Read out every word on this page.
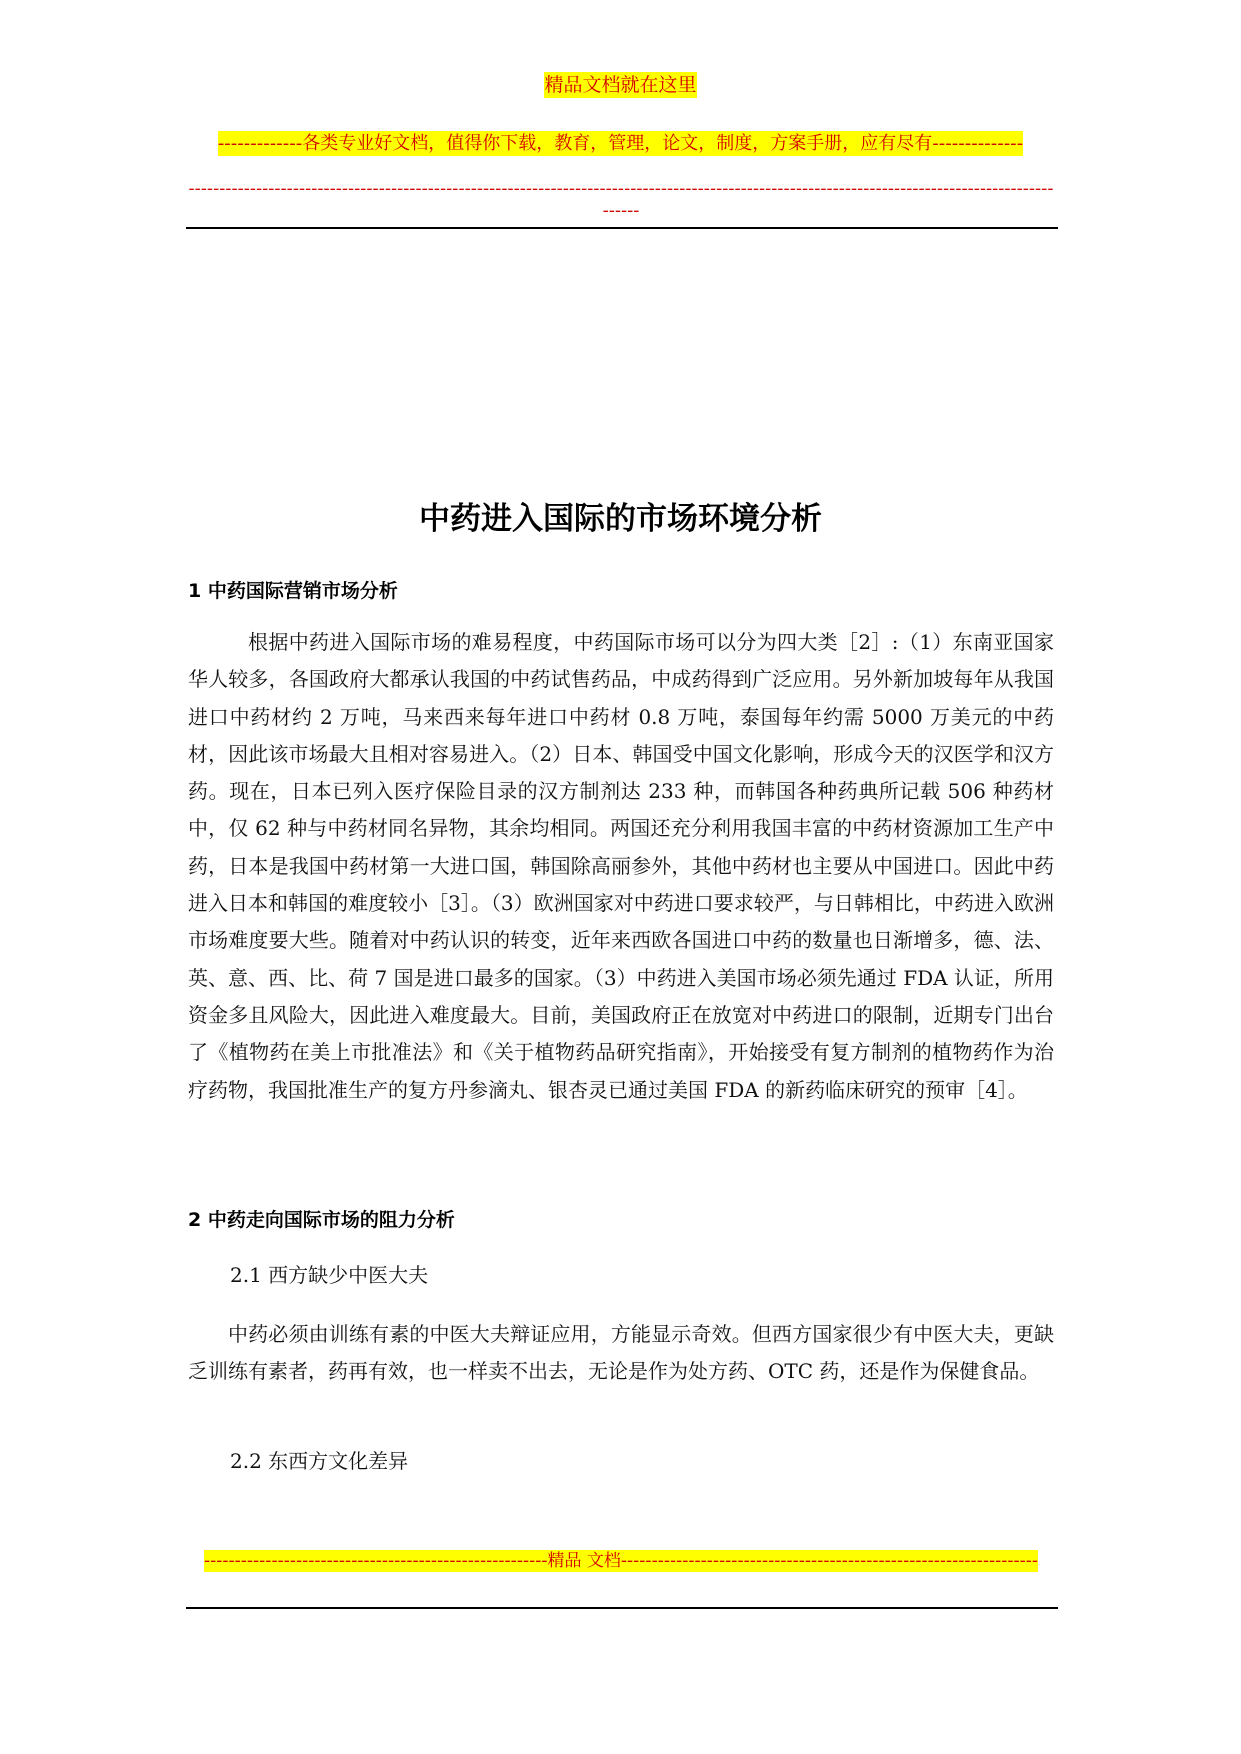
精品文档就在这里
-------------各类专业好文档，值得你下载，教育，管理，论文，制度，方案手册，应有尽有--------------
---------------------------------------------------------------------------------------------------------------------------------------------------
中药进入国际的市场环境分析
1 中药国际营销市场分析

根据中药进入国际市场的难易程度，中药国际市场可以分为四大类［2］:（1）东南亚国家华人较多，各国政府大都承认我国的中药试售药品，中成药得到广泛应用。另外新加坡每年从我国进口中药材约 2 万吨，马来西来每年进口中药材 0.8 万吨，泰国每年约需 5000 万美元的中药材，因此该市场最大且相对容易进入。（2）日本、韩国受中国文化影响，形成今天的汉医学和汉方药。现在，日本已列入医疗保险目录的汉方制剂达 233 种，而韩国各种药典所记载 506 种药材中，仅 62 种与中药材同名异物，其余均相同。两国还充分利用我国丰富的中药材资源加工生产中药，日本是我国中药材第一大进口国，韩国除高丽参外，其他中药材也主要从中国进口。因此中药进入日本和韩国的难度较小［3］。（3）欧洲国家对中药进口要求较严，与日韩相比，中药进入欧洲市场难度要大些。随着对中药认识的转变，近年来西欧各国进口中药的数量也日渐增多，德、法、英、意、西、比、荷 7 国是进口最多的国家。（3）中药进入美国市场必须先通过 FDA 认证，所用资金多且风险大，因此进入难度最大。目前，美国政府正在放宽对中药进口的限制，近期专门出台了《植物药在美上市批准法》和《关于植物药品研究指南》，开始接受有复方制剂的植物药作为治疗药物，我国批准生产的复方丹参滴丸、银杏灵已通过美国 FDA 的新药临床研究的预审［4］。

2 中药走向国际市场的阻力分析
2.1 西方缺少中医大夫

中药必须由训练有素的中医大夫辩证应用，方能显示奇效。但西方国家很少有中医大夫，更缺乏训练有素者，药再有效，也一样卖不出去，无论是作为处方药、OTC 药，还是作为保健食品。

2.2 东西方文化差异
--------------------------------------------------------精品 文档--------------------------------------------------------------------
